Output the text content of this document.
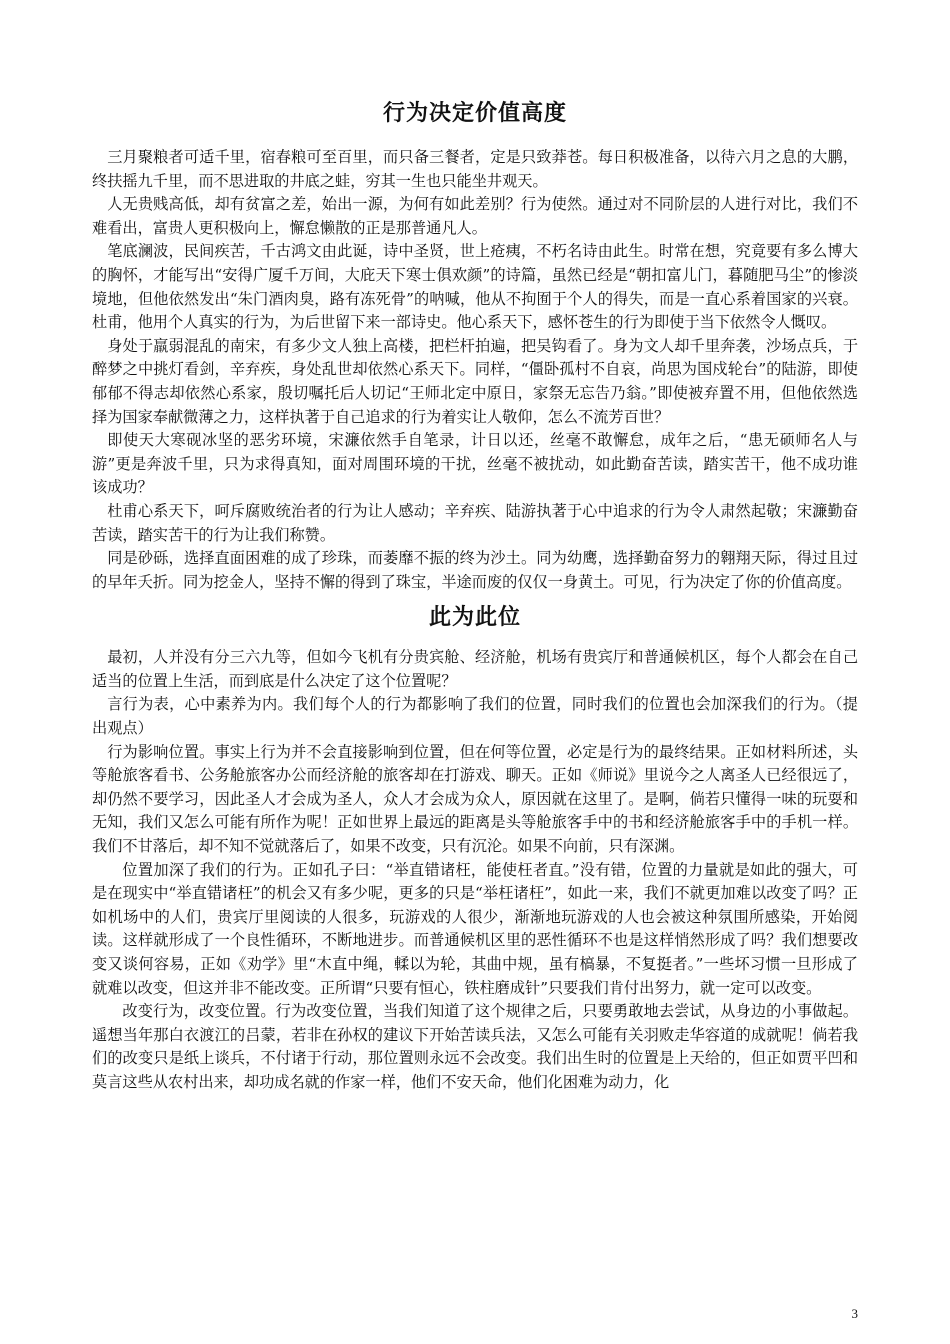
行为决定价值高度

三月聚粮者可适千里，宿春粮可至百里，而只备三餐者，定是只致莽苍。每日积极准备，以待六月之息的大鹏，终扶摇九千里，而不思进取的井底之蛙，穷其一生也只能坐井观天。

人无贵贱高低，却有贫富之差，始出一源，为何有如此差别？行为使然。通过对不同阶层的人进行对比，我们不难看出，富贵人更积极向上，懈怠懒散的正是那普通凡人。

笔底澜波，民间疾苦，千古鸿文由此诞，诗中圣贤，世上疮痍，不朽名诗由此生。时常在想，究竟要有多么博大的胸怀，才能写出“安得广厦千万间，大庇天下寒士俱欢颜”的诗篇，虽然已经是“朝扣富儿门，暮随肥马尘”的惨淡境地，但他依然发出“朱门酒肉臭，路有冻死骨”的呐喊，他从不拘囿于个人的得失，而是一直心系着国家的兴衰。杜甫，他用个人真实的行为，为后世留下来一部诗史。他心系天下，感怀苍生的行为即使于当下依然令人慨叹。

身处于羸弱混乱的南宋，有多少文人独上高楼，把栏杆拍遍，把吴钩看了。身为文人却千里奔袭，沙场点兵，于醉梦之中挑灯看剑，辛弃疾，身处乱世却依然心系天下。同样，“僵卧孤村不自哀，尚思为国戍轮台”的陆游，即使郁郁不得志却依然心系家，殷切嘱托后人切记“王师北定中原日，家祭无忘告乃翁。”即使被弃置不用，但他依然选择为国家奉献微薄之力，这样执著于自己追求的行为着实让人敬仰，怎么不流芳百世？

即使天大寒砚冰坚的恶劣环境，宋濂依然手自笔录，计日以还，丝毫不敢懈怠，成年之后，“患无硕师名人与游”更是奔波千里，只为求得真知，面对周围环境的干扰，丝毫不被扰动，如此勤奋苦读，踏实苦干，他不成功谁该成功？

杜甫心系天下，呵斥腐败统治者的行为让人感动；辛弃疾、陆游执著于心中追求的行为令人肃然起敬；宋濂勤奋苦读，踏实苦干的行为让我们称赞。

同是砂砾，选择直面困难的成了珍珠，而萎靡不振的终为沙土。同为幼鹰，选择勤奋努力的翱翔天际，得过且过的早年夭折。同为挖金人，坚持不懈的得到了珠宝，半途而废的仅仅一身黄土。可见，行为决定了你的价值高度。

此为此位

最初，人并没有分三六九等，但如今飞机有分贵宾舱、经济舱，机场有贵宾厅和普通候机区，每个人都会在自己适当的位置上生活，而到底是什么决定了这个位置呢？

言行为表，心中素养为内。我们每个人的行为都影响了我们的位置，同时我们的位置也会加深我们的行为。（提出观点）

行为影响位置。事实上行为并不会直接影响到位置，但在何等位置，必定是行为的最终结果。正如材料所述，头等舱旅客看书、公务舱旅客办公而经济舱的旅客却在打游戏、聊天。正如《师说》里说今之人离圣人已经很远了，却仍然不要学习，因此圣人才会成为圣人，众人才会成为众人，原因就在这里了。是啊，倘若只懂得一味的玩耍和无知，我们又怎么可能有所作为呢！正如世界上最远的距离是头等舱旅客手中的书和经济舱旅客手中的手机一样。我们不甘落后，却不知不觉就落后了，如果不改变，只有沉沦。如果不向前，只有深渊。

位置加深了我们的行为。正如孔子曰：“举直错诸枉，能使枉者直。”没有错，位置的力量就是如此的强大，可是在现实中“举直错诸枉”的机会又有多少呢，更多的只是“举枉诸枉”，如此一来，我们不就更加难以改变了吗？正如机场中的人们，贵宾厅里阅读的人很多，玩游戏的人很少，渐渐地玩游戏的人也会被这种氛围所感染，开始阅读。这样就形成了一个良性循环，不断地进步。而普通候机区里的恶性循环不也是这样悄然形成了吗？我们想要改变又谈何容易，正如《劝学》里“木直中绳，輮以为轮，其曲中规，虽有槁暴，不复挺者。”一些坏习惯一旦形成了就难以改变，但这并非不能改变。正所谓“只要有恒心，铁柱磨成针”只要我们肯付出努力，就一定可以改变。

改变行为，改变位置。行为改变位置，当我们知道了这个规律之后，只要勇敢地去尝试，从身边的小事做起。遥想当年那白衣渡江的吕蒙，若非在孙权的建议下开始苦读兵法，又怎么可能有关羽败走华容道的成就呢！倘若我们的改变只是纸上谈兵，不付诸于行动，那位置则永远不会改变。我们出生时的位置是上天给的，但正如贾平凹和莫言这些从农村出来，却功成名就的作家一样，他们不安天命，他们化困难为动力，化

3
